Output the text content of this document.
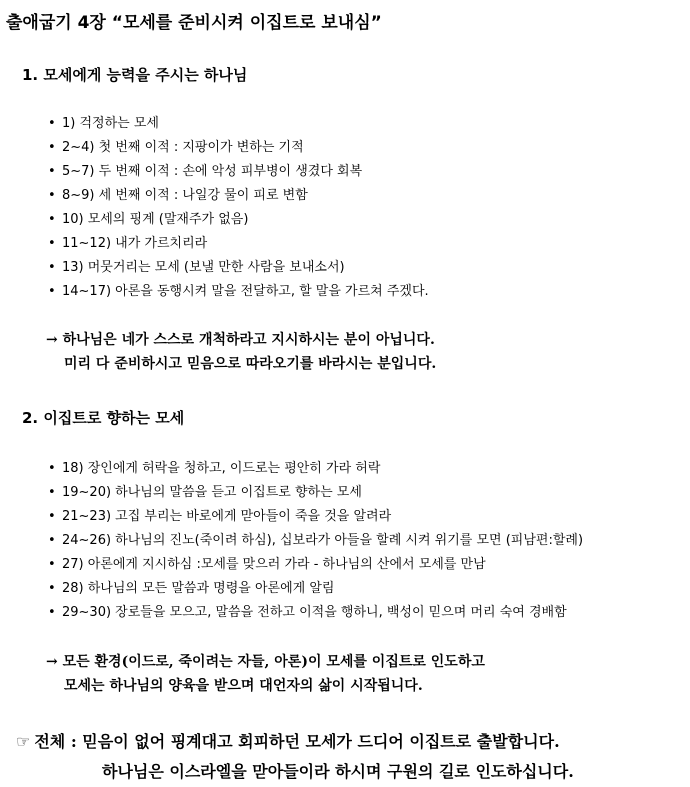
출애굽기 4장 “모세를 준비시켜 이집트로 보내심”
1. 모세에게 능력을 주시는 하나님
• 1) 걱정하는 모세
• 2~4) 첫 번째 이적 : 지팡이가 변하는 기적
• 5~7) 두 번째 이적 : 손에 악성 피부병이 생겼다 회복
• 8~9) 세 번째 이적 : 나일강 물이 피로 변함
• 10) 모세의 핑계 (말재주가 없음)
• 11~12) 내가 가르치리라
• 13) 머뭇거리는 모세 (보낼 만한 사람을 보내소서)
• 14~17) 아론을 동행시켜 말을 전달하고, 할 말을 가르쳐 주겠다.
→ 하나님은 네가 스스로 개척하라고 지시하시는 분이 아닙니다.
미리 다 준비하시고 믿음으로 따라오기를 바라시는 분입니다.
2. 이집트로 향하는 모세
• 18) 장인에게 허락을 청하고, 이드로는 평안히 가라 허락
• 19~20) 하나님의 말씀을 듣고 이집트로 향하는 모세
• 21~23) 고집 부리는 바로에게 맏아들이 죽을 것을 알려라
• 24~26) 하나님의 진노(죽이려 하심), 십보라가 아들을 할례 시켜 위기를 모면 (피남편:할례)
• 27) 아론에게 지시하심 :모세를 맞으러 가라 - 하나님의 산에서 모세를 만남
• 28) 하나님의 모든 말씀과 명령을 아론에게 알림
• 29~30) 장로들을 모으고, 말씀을 전하고 이적을 행하니, 백성이 믿으며 머리 숙여 경배함
→ 모든 환경(이드로, 죽이려는 자들, 아론)이 모세를 이집트로 인도하고
모세는 하나님의 양육을 받으며 대언자의 삶이 시작됩니다.
☞ 전체 : 믿음이 없어 핑계대고 회피하던 모세가 드디어 이집트로 출발합니다.
하나님은 이스라엘을 맏아들이라 하시며 구원의 길로 인도하십니다.
